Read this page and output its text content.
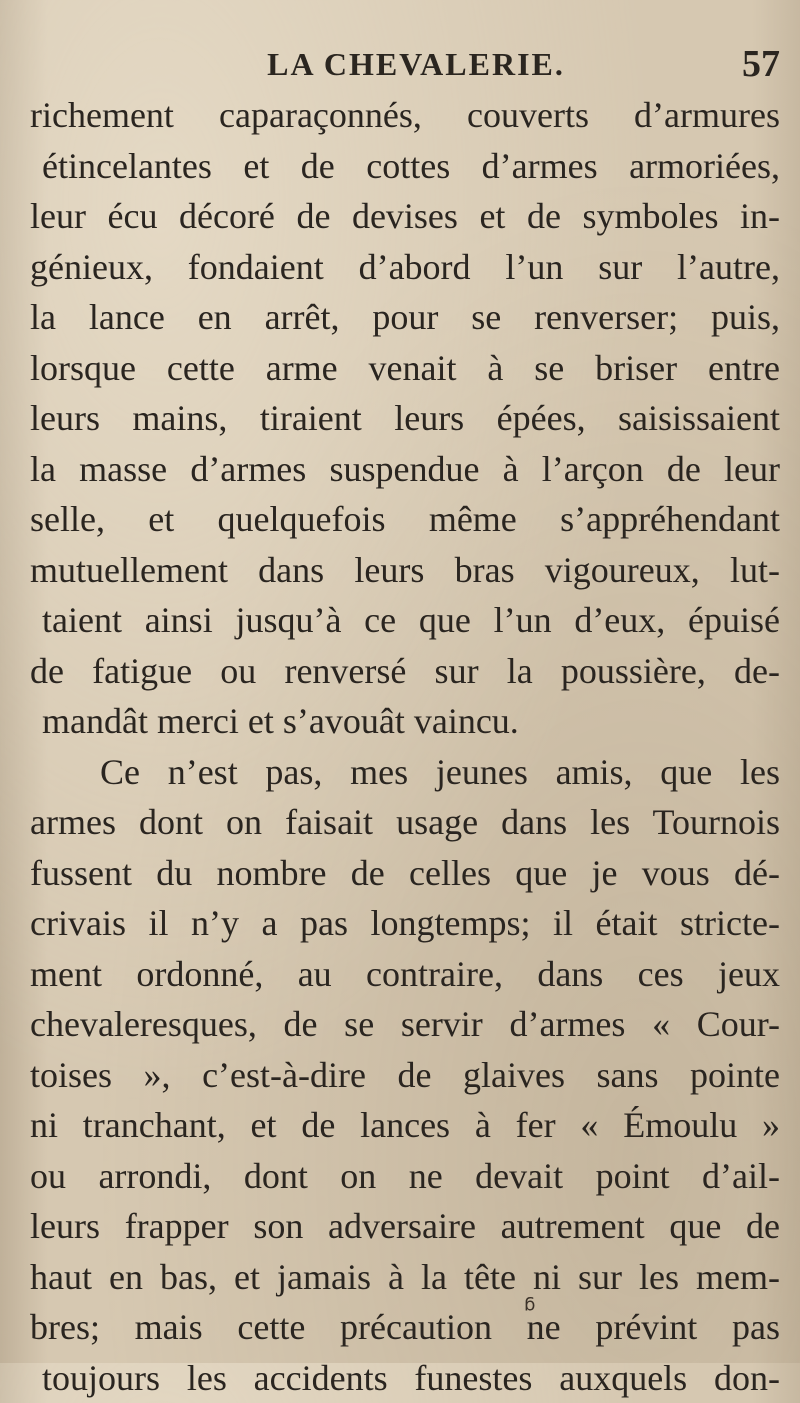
LA CHEVALERIE.	57
richement caparaçonnés, couverts d’armures
étincelantes et de cottes d’armes armoriées,
leur écu décoré de devises et de symboles in-
génieux, fondaient d’abord l’un sur l’autre,
la lance en arrêt, pour se renverser; puis,
lorsque cette arme venait à se briser entre
leurs mains, tiraient leurs épées, saisissaient
la masse d’armes suspendue à l’arçon de leur
selle, et quelquefois même s’appréhendant
mutuellement dans leurs bras vigoureux, lut-
taient ainsi jusqu’à ce que l’un d’eux, épuisé
de fatigue ou renversé sur la poussière, de-
mandât merci et s’avouât vaincu.
Ce n’est pas, mes jeunes amis, que les
armes dont on faisait usage dans les Tournois
fussent du nombre de celles que je vous dé-
crivais il n’y a pas longtemps; il était stricte-
ment ordonné, au contraire, dans ces jeux
chevaleresques, de se servir d’armes « Cour-
toises », c’est-à-dire de glaives sans pointe
ni tranchant, et de lances à fer « Émoulu »
ou arrondi, dont on ne devait point d’ail-
leurs frapper son adversaire autrement que de
haut en bas, et jamais à la tête ni sur les mem-
bres; mais cette précaution ne prévint pas
toujours les accidents funestes auxquels don-
ᵷ
